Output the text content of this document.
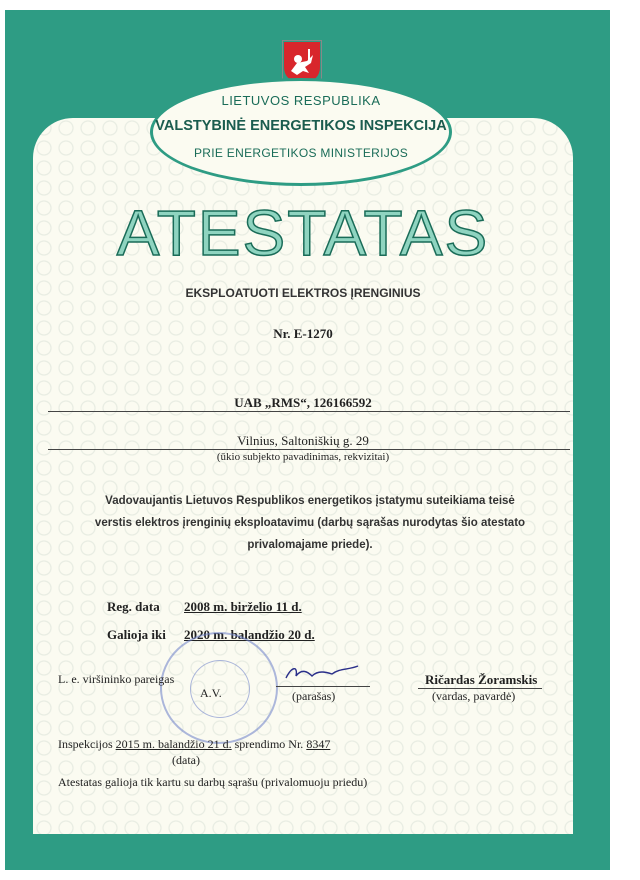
LIETUVOS RESPUBLIKA
VALSTYBINĖ ENERGETIKOS INSPEKCIJA
PRIE ENERGETIKOS MINISTERIJOS
ATESTATAS
EKSPLOATUOTI ELEKTROS ĮRENGINIUS
Nr. E-1270
UAB „RMS“, 126166592
Vilnius, Saltoniškių g. 29
(ūkio subjekto pavadinimas, rekvizitai)
Vadovaujantis Lietuvos Respublikos energetikos įstatymu suteikiama teisė
verstis elektros įrenginių eksploatavimu (darbų sąrašas nurodytas šio atestato
privalomajame priede).
Reg. data 2008 m. birželio 11 d.
Galioja iki 2020 m. balandžio 20 d.
L. e. viršininko pareigas
A.V.	(parašas)
Ričardas Žoramskis
(vardas, pavardė)
Inspekcijos 2015 m. balandžio 21 d. sprendimo Nr. 8347
(data)
Atestatas galioja tik kartu su darbų sąrašu (privalomuoju priedu)
